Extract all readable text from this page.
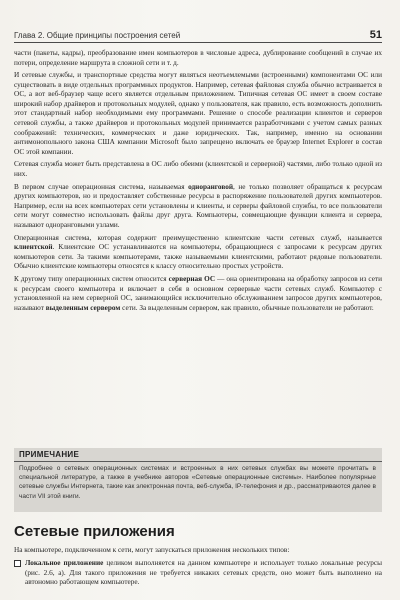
Глава 2. Общие принципы построения сетей	51

части (пакеты, кадры), преобразование имен компьютеров в числовые адреса, дублирование сообщений в случае их потери, определение маршрута в сложной сети и т. д.

И сетевые службы, и транспортные средства могут являться неотъемлемыми (встроенными) компонентами ОС или существовать в виде отдельных программных продуктов. Например, сетевая файловая служба обычно встраивается в ОС, а вот веб-браузер чаще всего является отдельным приложением. Типичная сетевая ОС имеет в своем составе широкий набор драйверов и протокольных модулей, однако у пользователя, как правило, есть возможность дополнить этот стандартный набор необходимыми ему программами. Решение о способе реализации клиентов и серверов сетевой службы, а также драйверов и протокольных модулей принимается разработчиками с учетом самых разных соображений: технических, коммерческих и даже юридических. Так, например, именно на основании антимонопольного закона США компании Microsoft было запрещено включать ее браузер Internet Explorer в состав ОС этой компании.

Сетевая служба может быть представлена в ОС либо обеими (клиентской и серверной) частями, либо только одной из них.

В первом случае операционная система, называемая одноранговой, не только позволяет обращаться к ресурсам других компьютеров, но и предоставляет собственные ресурсы в распоряжение пользователей других компьютеров. Например, если на всех компьютерах сети установлены и клиенты, и серверы файловой службы, то все пользователи сети могут совместно использовать файлы друг друга. Компьютеры, совмещающие функции клиента и сервера, называют одноранговыми узлами.

Операционная система, которая содержит преимущественно клиентские части сетевых служб, называется клиентской. Клиентские ОС устанавливаются на компьютеры, обращающиеся с запросами к ресурсам других компьютеров сети. За такими компьютерами, также называемыми клиентскими, работают рядовые пользователи. Обычно клиентские компьютеры относятся к классу относительно простых устройств.

К другому типу операционных систем относится серверная ОС — она ориентирована на обработку запросов из сети к ресурсам своего компьютера и включает в себя в основном серверные части сетевых служб. Компьютер с установленной на нем серверной ОС, занимающийся исключительно обслуживанием запросов других компьютеров, называют выделенным сервером сети. За выделенным сервером, как правило, обычные пользователи не работают.

ПРИМЕЧАНИЕ
Подробнее о сетевых операционных системах и встроенных в них сетевых службах вы можете прочитать в специальной литературе, а также в учебнике авторов «Сетевые операционные системы». Наиболее популярные сетевые службы Интернета, такие как электронная почта, веб-служба, IP-телефония и др., рассматриваются далее в части VII этой книги.
Сетевые приложения
На компьютере, подключенном к сети, могут запускаться приложения нескольких типов:
Локальное приложение целиком выполняется на данном компьютере и использует только локальные ресурсы (рис. 2.6, а). Для такого приложения не требуется никаких сетевых средств, оно может быть выполнено на автономно работающем компьютере.
